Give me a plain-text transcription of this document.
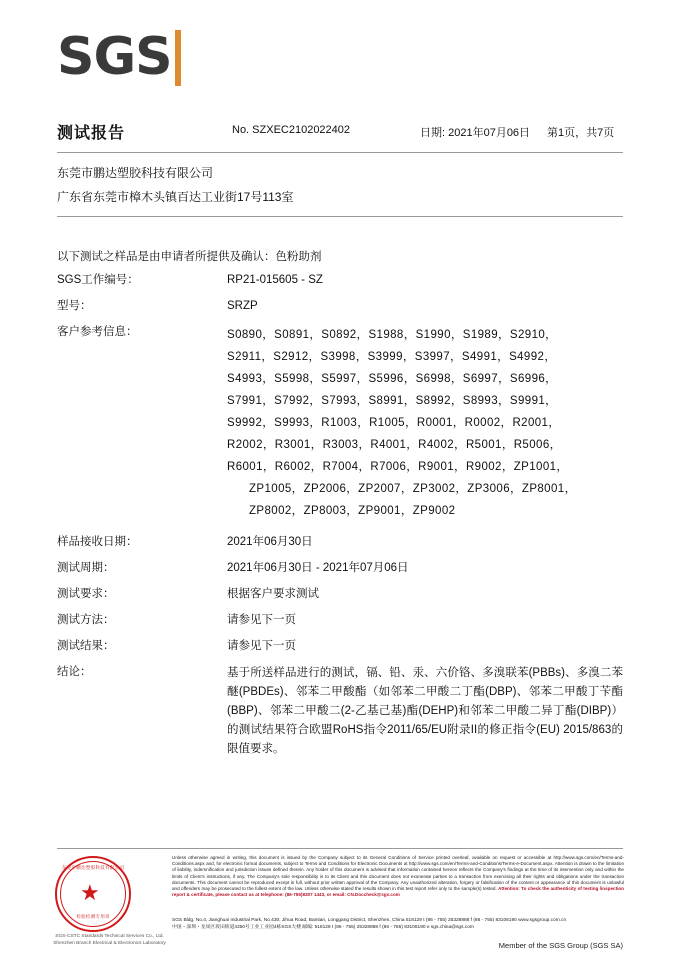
SGS
测试报告	No. SZXEC2102022402	日期: 2021年07月06日 第1页，共7页
东莞市鹏达塑胶科技有限公司
广东省东莞市樟木头镇百达工业街17号113室
以下测试之样品是由申请者所提供及确认：色粉助剂
SGS工作编号：	RP21-015605 - SZ
型号：	SRZP
客户参考信息：	S0890，S0891，S0892，S1988，S1990，S1989，S2910，
S2911，S2912，S3998，S3999，S3997，S4991，S4992，
S4993，S5998，S5997，S5996，S6998，S6997，S6996，
S7991，S7992，S7993，S8991，S8992，S8993，S9991，
S9992，S9993，R1003，R1005，R0001，R0002，R2001，
R2002，R3001，R3003，R4001，R4002，R5001，R5006，
R6001，R6002，R7004，R7006，R9001，R9002，ZP1001，
ZP1005，ZP2006，ZP2007，ZP3002，ZP3006，ZP8001，
ZP8002，ZP8003，ZP9001，ZP9002
样品接收日期：	2021年06月30日
测试周期：	2021年06月30日 - 2021年07月06日
测试要求：	根据客户要求测试
测试方法：	请参见下一页
测试结果：	请参见下一页
结论：	基于所送样品进行的测试，镉、铅、汞、六价铬、多溴联苯(PBBs)、多溴二苯醚(PBDEs)、邻苯二甲酸酯（如邻苯二甲酸二丁酯(DBP)、邻苯二甲酸丁苄酯(BBP)、邻苯二甲酸二(2-乙基己基)酯(DEHP)和邻苯二甲酸二异丁酯(DIBP)）的测试结果符合欧盟RoHS指令2011/65/EU附录II的修正指令(EU) 2015/863的限值要求。
★
东莞市鹏达塑胶科技有限公司
检验检测专用章
SGS-CSTC Standards Technical Services Co., Ltd.
Shenzhen Branch Electrical & Electronics Laboratory
Unless otherwise agreed in writing, this document is issued by the Company subject to its General Conditions of Service printed overleaf, available on request or accessible at http://www.sgs.com/en/Terms-and-Conditions.aspx and, for electronic format documents, subject to Terms and Conditions for Electronic Documents at http://www.sgs.com/en/Terms-and-Conditions/Terms-e-Document.aspx. Attention is drawn to the limitation of liability, indemnification and jurisdiction issues defined therein. Any holder of this document is advised that information contained hereon reflects the Company's findings at the time of its intervention only and within the limits of Client's instructions, if any. The Company's sole responsibility is to its Client and this document does not exonerate parties to a transaction from exercising all their rights and obligations under the transaction documents. This document cannot be reproduced except in full, without prior written approval of the Company. Any unauthorized alteration, forgery or falsification of the content or appearance of this document is unlawful and offenders may be prosecuted to the fullest extent of the law. Unless otherwise stated the results shown in this test report refer only to the sample(s) tested. Attention: To check the authenticity of testing /inspection report & certificate, please contact us at telephone: (86-755)8307 1443, or email: CN.Doccheck@sgs.com
SGS Bldg, No.4, Jianghuai Industrial Park, No.430, Jihua Road, Bantian, Longgang District, Shenzhen, China 518129 t (86 - 755) 25328888 f (86 - 755) 83106190 www.sgsgroup.com.cn
中国・深圳・龙岗区坂田街道4350号工业工业园4栋SGS大楼 邮编: 518129 t (86 - 755) 25328888 f (86 - 755) 83106190 e sgs.china@sgs.com
Member of the SGS Group (SGS SA)
